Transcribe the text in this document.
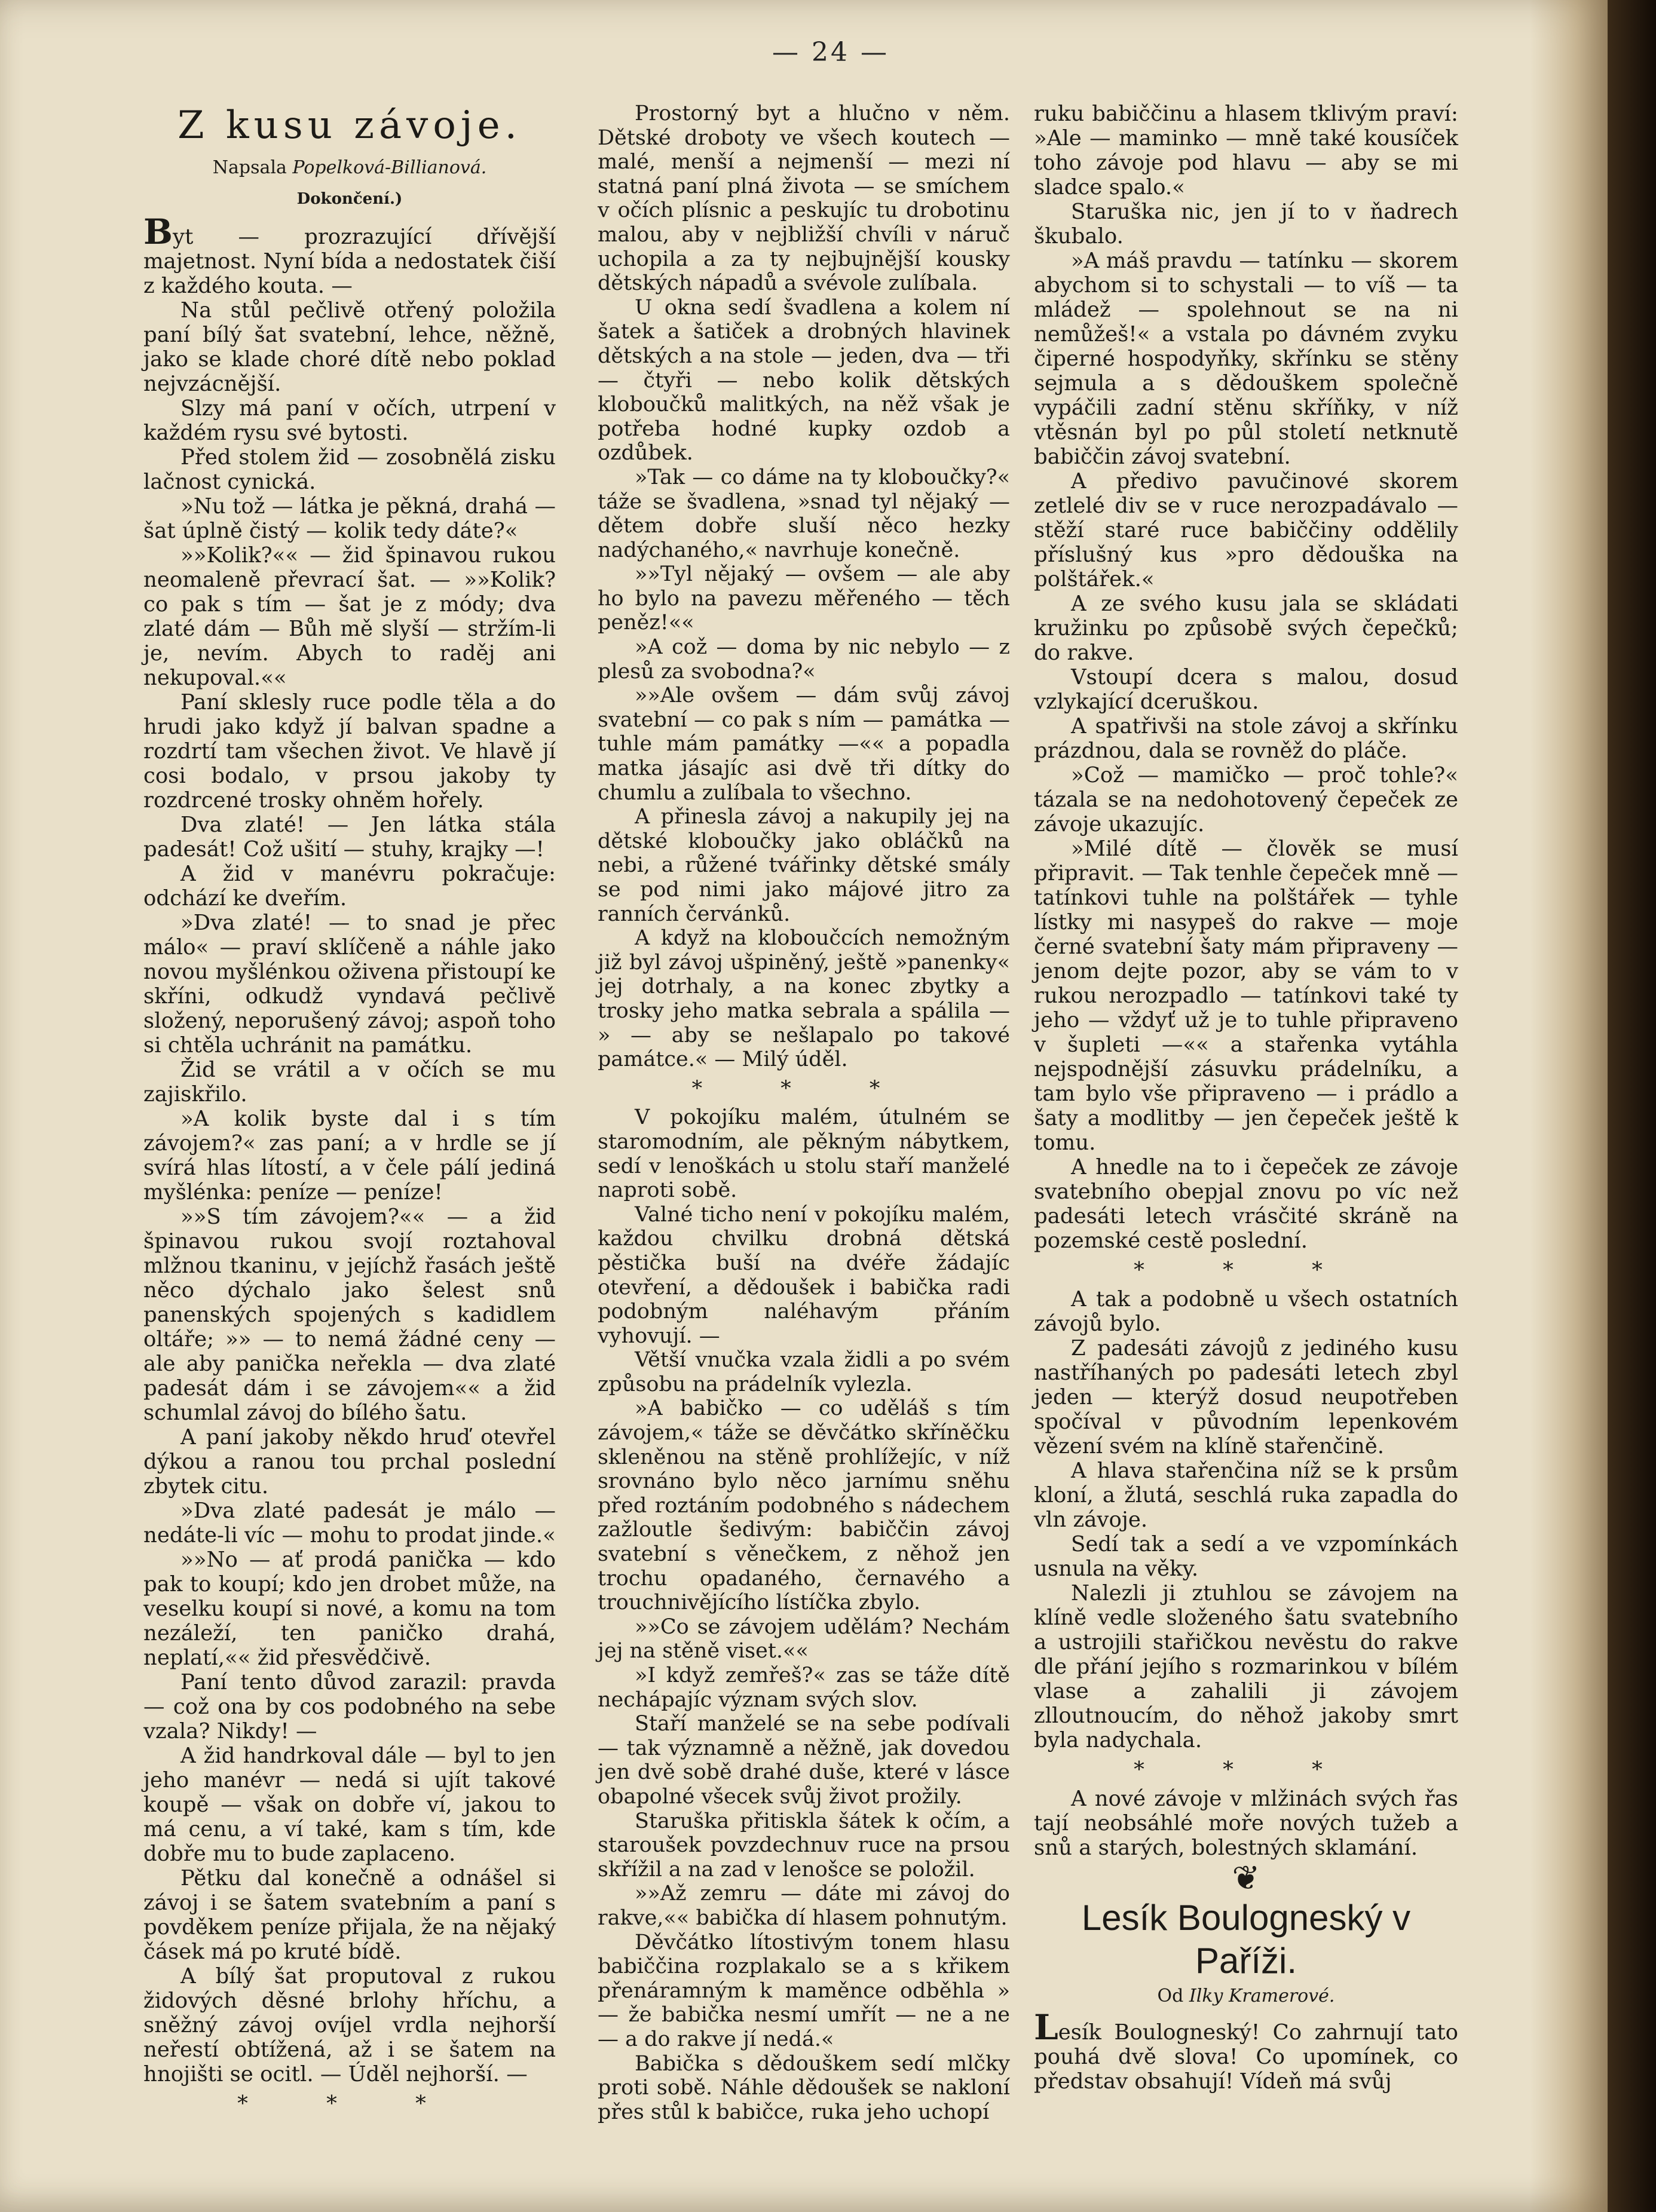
— 24 —
Z kusu závoje.
Napsala Popelková-Billianová.
Dokončení.)

Byt — prozrazující dřívější majetnost. Nyní bída a nedostatek čiší z každého kouta. —

Na stůl pečlivě otřený položila paní bílý šat svatební, lehce, něžně, jako se klade choré dítě nebo poklad nejvzácnější.

Slzy má paní v očích, utrpení v každém rysu své bytosti.

Před stolem žid — zosobnělá zisku lačnost cynická.

»Nu tož — látka je pěkná, drahá — šat úplně čistý — kolik tedy dáte?«

»»Kolik?«« — žid špinavou rukou neomaleně převrací šat. — »»Kolik? co pak s tím — šat je z módy; dva zlaté dám — Bůh mě slyší — stržím-li je, nevím. Abych to raděj ani nekupoval.««

Paní sklesly ruce podle těla a do hrudi jako když jí balvan spadne a rozdrtí tam všechen život. Ve hlavě jí cosi bodalo, v prsou jakoby ty rozdrcené trosky ohněm hořely.

Dva zlaté! — Jen látka stála padesát! Což ušití — stuhy, krajky —!

A žid v manévru pokračuje: odchází ke dveřím.

»Dva zlaté! — to snad je přec málo« — praví sklíčeně a náhle jako novou myšlénkou oživena přistoupí ke skříni, odkudž vyndavá pečlivě složený, neporušený závoj; aspoň toho si chtěla uchránit na památku.

Žid se vrátil a v očích se mu zajiskřilo.

»A kolik byste dal i s tím závojem?« zas paní; a v hrdle se jí svírá hlas lítostí, a v čele pálí jediná myšlénka: peníze — peníze!

»»S tím závojem?«« — a žid špinavou rukou svojí roztahoval mlžnou tkaninu, v jejíchž řasách ještě něco dýchalo jako šelest snů panenských spojených s kadidlem oltáře; »» — to nemá žádné ceny — ale aby panička neřekla — dva zlaté padesát dám i se závojem«« a žid schumlal závoj do bílého šatu.

A paní jakoby někdo hruď otevřel dýkou a ranou tou prchal poslední zbytek citu.

»Dva zlaté padesát je málo — nedáte-li víc — mohu to prodat jinde.«

»»No — ať prodá panička — kdo pak to koupí; kdo jen drobet může, na veselku koupí si nové, a komu na tom nezáleží, ten paničko drahá, neplatí,«« žid přesvědčivě.

Paní tento důvod zarazil: pravda — což ona by cos podobného na sebe vzala? Nikdy! —

A žid handrkoval dále — byl to jen jeho manévr — nedá si ujít takové koupě — však on dobře ví, jakou to má cenu, a ví také, kam s tím, kde dobře mu to bude zaplaceno.

Pětku dal konečně a odnášel si závoj i se šatem svatebním a paní s povděkem peníze přijala, že na nějaký čásek má po kruté bídě.

A bílý šat proputoval z rukou židových děsné brlohy hříchu, a sněžný závoj ovíjel vrdla nejhorší neřestí obtížená, až i se šatem na hnojišti se ocitl. — Úděl nejhorší. —

* * *

Prostorný byt a hlučno v něm. Dětské droboty ve všech koutech — malé, menší a nejmenší — mezi ní statná paní plná života — se smíchem v očích plísnic a peskujíc tu drobotinu malou, aby v nejbližší chvíli v náruč uchopila a za ty nejbujnější kousky dětských nápadů a svévole zulíbala.

U okna sedí švadlena a kolem ní šatek a šatiček a drobných hlavinek dětských a na stole — jeden, dva — tři — čtyři — nebo kolik dětských kloboučků malitkých, na něž však je potřeba hodné kupky ozdob a ozdůbek.

»Tak — co dáme na ty kloboučky?« táže se švadlena, »snad tyl nějaký — dětem dobře sluší něco hezky nadýchaného,« navrhuje konečně.

»»Tyl nějaký — ovšem — ale aby ho bylo na pavezu měřeného — těch peněz!««

»A což — doma by nic nebylo — z plesů za svobodna?«

»»Ale ovšem — dám svůj závoj svatební — co pak s ním — památka — tuhle mám památky —«« a popadla matka jásajíc asi dvě tři dítky do chumlu a zulíbala to všechno.

A přinesla závoj a nakupily jej na dětské kloboučky jako obláčků na nebi, a růžené tvářinky dětské smály se pod nimi jako májové jitro za ranních červánků.

A když na kloboučcích nemožným již byl závoj ušpiněný, ještě »panenky« jej dotrhaly, a na konec zbytky a trosky jeho matka sebrala a spálila — » — aby se nešlapalo po takové památce.« — Milý úděl.

* * *

V pokojíku malém, útulném se staromodním, ale pěkným nábytkem, sedí v lenoškách u stolu staří manželé naproti sobě.

Valné ticho není v pokojíku malém, každou chvilku drobná dětská pěstička buší na dvéře žádajíc otevření, a dědoušek i babička radi podobným naléhavým přáním vyhovují. —

Větší vnučka vzala židli a po svém způsobu na prádelník vylezla.

»A babičko — co uděláš s tím závojem,« táže se děvčátko skříněčku skleněnou na stěně prohlížejíc, v níž srovnáno bylo něco jarnímu sněhu před roztáním podobného s nádechem zažloutle šedivým: babiččin závoj svatební s věnečkem, z něhož jen trochu opadaného, černavého a trouchnivějícího lístíčka zbylo.

»»Co se závojem udělám? Nechám jej na stěně viset.««

»I když zemřeš?« zas se táže dítě nechápajíc význam svých slov.

Staří manželé se na sebe podívali — tak významně a něžně, jak dovedou jen dvě sobě drahé duše, které v lásce obapolné všecek svůj život prožily.

Staruška přitiskla šátek k očím, a staroušek povzdechnuv ruce na prsou skřížil a na zad v lenošce se položil.

»»Až zemru — dáte mi závoj do rakve,«« babička dí hlasem pohnutým.

Děvčátko lítostivým tonem hlasu babiččina rozplakalo se a s křikem přenáramným k maměnce odběhla » — že babička nesmí umřít — ne a ne — a do rakve jí nedá.«

Babička s dědouškem sedí mlčky proti sobě. Náhle dědoušek se nakloní přes stůl k babičce, ruka jeho uchopí

ruku babiččinu a hlasem tklivým praví: »Ale — maminko — mně také kousíček toho závoje pod hlavu — aby se mi sladce spalo.«

Staruška nic, jen jí to v ňadrech škubalo.

»A máš pravdu — tatínku — skorem abychom si to schystali — to víš — ta mládež — spolehnout se na ni nemůžeš!« a vstala po dávném zvyku čiperné hospodyňky, skřínku se stěny sejmula a s dědouškem společně vypáčili zadní stěnu skříňky, v níž vtěsnán byl po půl století netknutě babiččin závoj svatební.

A předivo pavučinové skorem zetlelé div se v ruce nerozpadávalo — stěží staré ruce babiččiny oddělily příslušný kus »pro dědouška na polštářek.«

A ze svého kusu jala se skládati kružinku po způsobě svých čepečků; do rakve.

Vstoupí dcera s malou, dosud vzlykající dceruškou.

A spatřivši na stole závoj a skřínku prázdnou, dala se rovněž do pláče.

»Což — mamičko — proč tohle?« tázala se na nedohotovený čepeček ze závoje ukazujíc.

»Milé dítě — člověk se musí připravit. — Tak tenhle čepeček mně — tatínkovi tuhle na polštářek — tyhle lístky mi nasypeš do rakve — moje černé svatební šaty mám připraveny — jenom dejte pozor, aby se vám to v rukou nerozpadlo — tatínkovi také ty jeho — vždyť už je to tuhle připraveno v šupleti —«« a stařenka vytáhla nejspodnější zásuvku prádelníku, a tam bylo vše připraveno — i prádlo a šaty a modlitby — jen čepeček ještě k tomu.

A hnedle na to i čepeček ze závoje svatebního obepjal znovu po víc než padesáti letech vrásčité skráně na pozemské cestě poslední.

* * *

A tak a podobně u všech ostatních závojů bylo.

Z padesáti závojů z jediného kusu nastříhaných po padesáti letech zbyl jeden — kterýž dosud neupotřeben spočíval v původním lepenkovém vězení svém na klíně stařenčině.

A hlava stařenčina níž se k prsům kloní, a žlutá, seschlá ruka zapadla do vln závoje.

Sedí tak a sedí a ve vzpomínkách usnula na věky.

Nalezli ji ztuhlou se závojem na klíně vedle složeného šatu svatebního a ustrojili stařičkou nevěstu do rakve dle přání jejího s rozmarinkou v bílém vlase a zahalili ji závojem zlloutnoucím, do něhož jakoby smrt byla nadychala.

* * *

A nové závoje v mlžinách svých řas tají neobsáhlé moře nových tužeb a snů a starých, bolestných sklamání.

❦
Lesík Boulogneský v Paříži.
Od Ilky Kramerové.

Lesík Boulogneský! Co zahrnují tato pouhá dvě slova! Co upomínek, co představ obsahují! Vídeň má svůj
